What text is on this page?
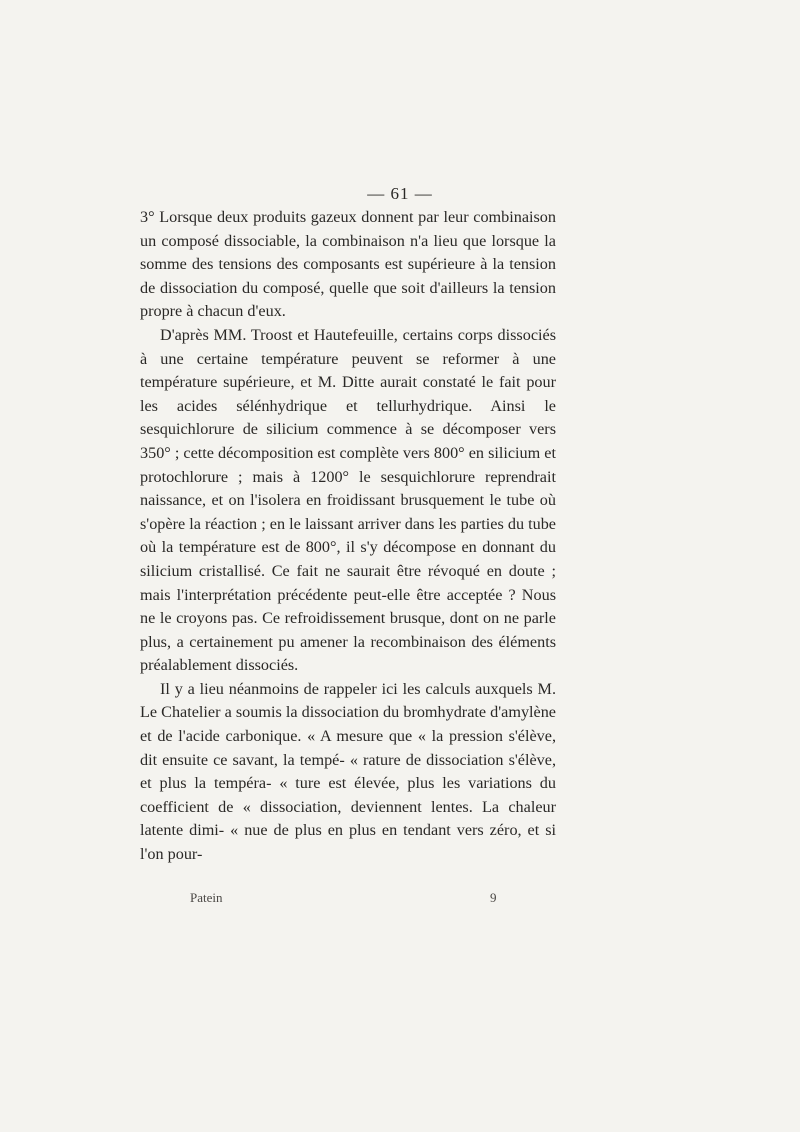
— 61 —

3° Lorsque deux produits gazeux donnent par leur combinaison un composé dissociable, la combinaison n'a lieu que lorsque la somme des tensions des composants est supérieure à la tension de dissociation du composé, quelle que soit d'ailleurs la tension propre à chacun d'eux.

D'après MM. Troost et Hautefeuille, certains corps dissociés à une certaine température peuvent se reformer à une température supérieure, et M. Ditte aurait constaté le fait pour les acides sélénhydrique et tellurhydrique. Ainsi le sesquichlorure de silicium commence à se décomposer vers 350° ; cette décomposition est complète vers 800° en silicium et protochlorure ; mais à 1200° le sesquichlorure reprendrait naissance, et on l'isolera en froidissant brusquement le tube où s'opère la réaction ; en le laissant arriver dans les parties du tube où la température est de 800°, il s'y décompose en donnant du silicium cristallisé. Ce fait ne saurait être révoqué en doute ; mais l'interprétation précédente peut-elle être acceptée ? Nous ne le croyons pas. Ce refroidissement brusque, dont on ne parle plus, a certainement pu amener la recombinaison des éléments préalablement dissociés.

Il y a lieu néanmoins de rappeler ici les calculs auxquels M. Le Chatelier a soumis la dissociation du bromhydrate d'amylène et de l'acide carbonique. « A mesure que « la pression s'élève, dit ensuite ce savant, la tempé- « rature de dissociation s'élève, et plus la tempéra- « ture est élevée, plus les variations du coefficient de « dissociation, deviennent lentes. La chaleur latente dimi- « nue de plus en plus en tendant vers zéro, et si l'on pour-

Patein	9
